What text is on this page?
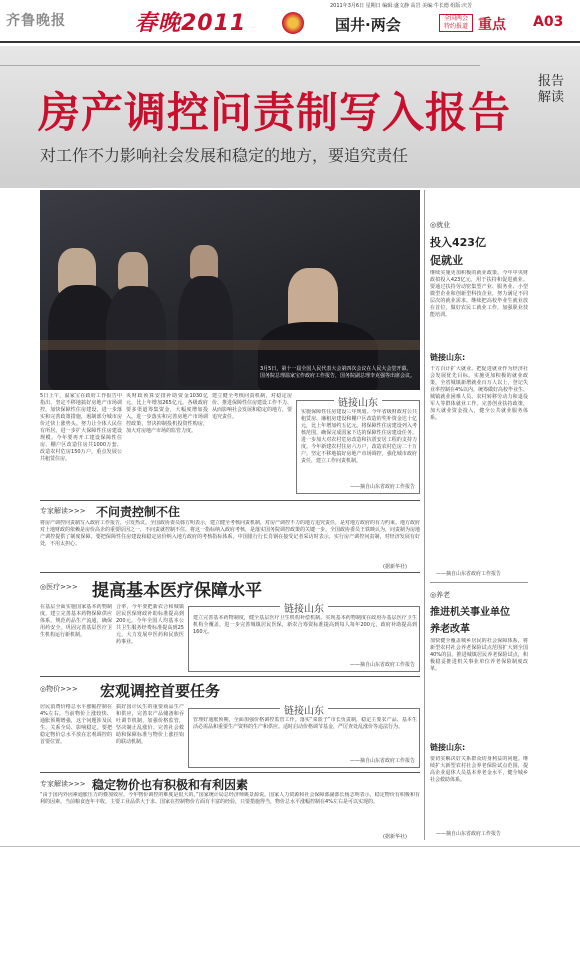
齐鲁晚报	春晚2011	国井·两会
2011年3月6日 星期日 编辑:盛文静 高岩 美编:牛长德 组版:庆芳
全国两会
特约报道 重点 A03
报告
解读
房产调控问责制写入报告
对工作不力影响社会发展和稳定的地方，要追究责任
3月5日，第十一届全国人民代表大会第四次会议在人民大会堂开幕。国务院总理温家宝作政府工作报告，国务院副总理李克强等出席会议。
5日上午，温家宝在政府工作报告中指出，坚定不移地搞好房地产市场调控，加快保障性住房建设，进一步落实和完善政策措施，遏制部分城市房价过快上涨势头。努力让全体人民住有所居。进一步扩大保障性住房建设规模。今年要再开工建设保障性住房、棚户区改造住房共1000万套，改造农村危房150万户，重点发展公共租赁住房。
央财政预算安排补助资金1030亿元，比上年增加265亿元。各级政府要多渠道筹集资金，大幅度增加投入。进一步落实和完善房地产市场调控政策，坚决抑制投机投资性购房，加大对房地产市场的监管力度。
建立健全考核问责机制，对稳定房价、推进保障性住房建设工作不力、从而影响社会发展和稳定的地方，要追究责任。
链接山东
实施保障性住房建设三年规划。今年省级财政对公共租赁房、廉租房建设和棚户区改造的奖补资金达十亿元，比上年增加约五亿元。将保障性住房建设列入考核范围，确保完成国家下达的保障性住房建设任务。进一步加大对农村危房改造和抗震安居工程的支持力度。今年新建农村住房六万户，改造农村危房二十万户。坚定不移地搞好房地产市场调控，强化城市政府责任，建立工作问责机制。
——摘自山东省政府工作报告
专家解读>>> 不问责控制不住
将房产调控问责制写入政府工作报告，引发热议。全国政协委员韩方明表示，建立健全考核问责机制，对房产调控不力的地方追究责任，是对地方政府的有力约束。地方政府对土地财政的依赖是房价高企的重要原因之一，不问责就控制不住。将这一指标纳入政府考核，是落实国务院调控政策的关键一步。全国政协委员王铁映认为，问责制为房地产调控提供了制度保障。要把保障性住房建设和稳定房价纳入地方政府的考核指标体系。中国银行行长肖钢在接受记者采访时表示，实行房产调控问责制，对经济发展有好处，不用太担心。
(据新华社)
◎医疗>>> 提高基本医疗保障水平
在基层全面实施国家基本药物制度，建立完善基本药物保障供应体系，规范药品生产流通，确保用药安全。巩固完善基层医疗卫生机构运行新机制。
合率，今年要把新农合和城镇居民医保财政补助标准提高到200元。今年全国人均基本公共卫生服务经费标准提高到25元，大力发展中医药和民族医药事业。
链接山东
建立完善基本药物制度，健全基层医疗卫生机构补偿机制。实现基本药物制度在政府办基层医疗卫生机构全覆盖，进一步完善城镇居民医保，新农合筹资标准提高到每人每年200元，政府补助提高到160元。
——摘自山东省政府工作报告
◎物价>>> 宏观调控首要任务
居民消费价格总水平涨幅控制在4%左右。当前物价上涨较快、通胀预期增强，这个问题涉及民生、关系全局、影响稳定。要把稳定物价总水平放在宏观调控的首要位置。
搞好国计民生的重要商品生产和供应，完善农产品储备和吞吐调节机制，加强价格监管，坚决制止乱涨价。完善社会救助和保障标准与物价上涨挂钩的联动机制。
链接山东
管理好通胀预期，全面加强价格调控监管工作。落实“菜篮子”市长负责制，稳定主要农产品、基本生活必需品和重要生产资料的生产和供应。适时启动价格调节基金，严厉查处乱涨价等违法行为。
——摘自山东省政府工作报告
专家解读>>> 稳定物价也有积极和有利因素
“由于国内外因素通胀压力的叠加效应，今年物价调控的难度是很大的。”国家统计局总经济师姚景源说。国家人力资源和社会保障部副部长杨志明表示，稳定物价有积极和有利的因素。当前粮食连年丰收、主要工业品供大于求、国家在控制物价方面有丰富的经验，只要措施得当，物价总水平涨幅控制在4%左右是可以实现的。
(据新华社)
◎就业
投入423亿
促就业
继续实施更加积极的就业政策。今年中央财政拟投入423亿元，用于扶持和促进就业。要通过扶持劳动密集型产业、服务业、小型微型企业和创新型科技企业，努力满足不同层次的就业需求。继续把高校毕业生就业放在首位，做好农民工就业工作，加强职业技能培训。
链接山东:
千方百计扩大就业。把促进就业作为经济社会发展优先目标。实施更加积极的就业政策，全省城镇新增就业百万人以上，登记失业率控制在4%以内。统筹做好高校毕业生、城镇就业困难人员、农村转移劳动力和退役军人等群体就业工作。完善创业扶持政策，加大就业资金投入，健全公共就业服务体系。
——摘自山东省政府工作报告
◎养老
推进机关事业单位
养老改革
加快健全覆盖城乡居民的社会保障体系，将新型农村社会养老保险试点范围扩大到全国40%的县。推进城镇居民养老保险试点，积极稳妥推进机关事业单位养老保险制度改革。
链接山东:
要切实解决好关系群众切身利益的问题。继续扩大新型农村社会养老保险试点范围，提高企业退休人员基本养老金水平，健全城乡社会救助体系。
——摘自山东省政府工作报告
